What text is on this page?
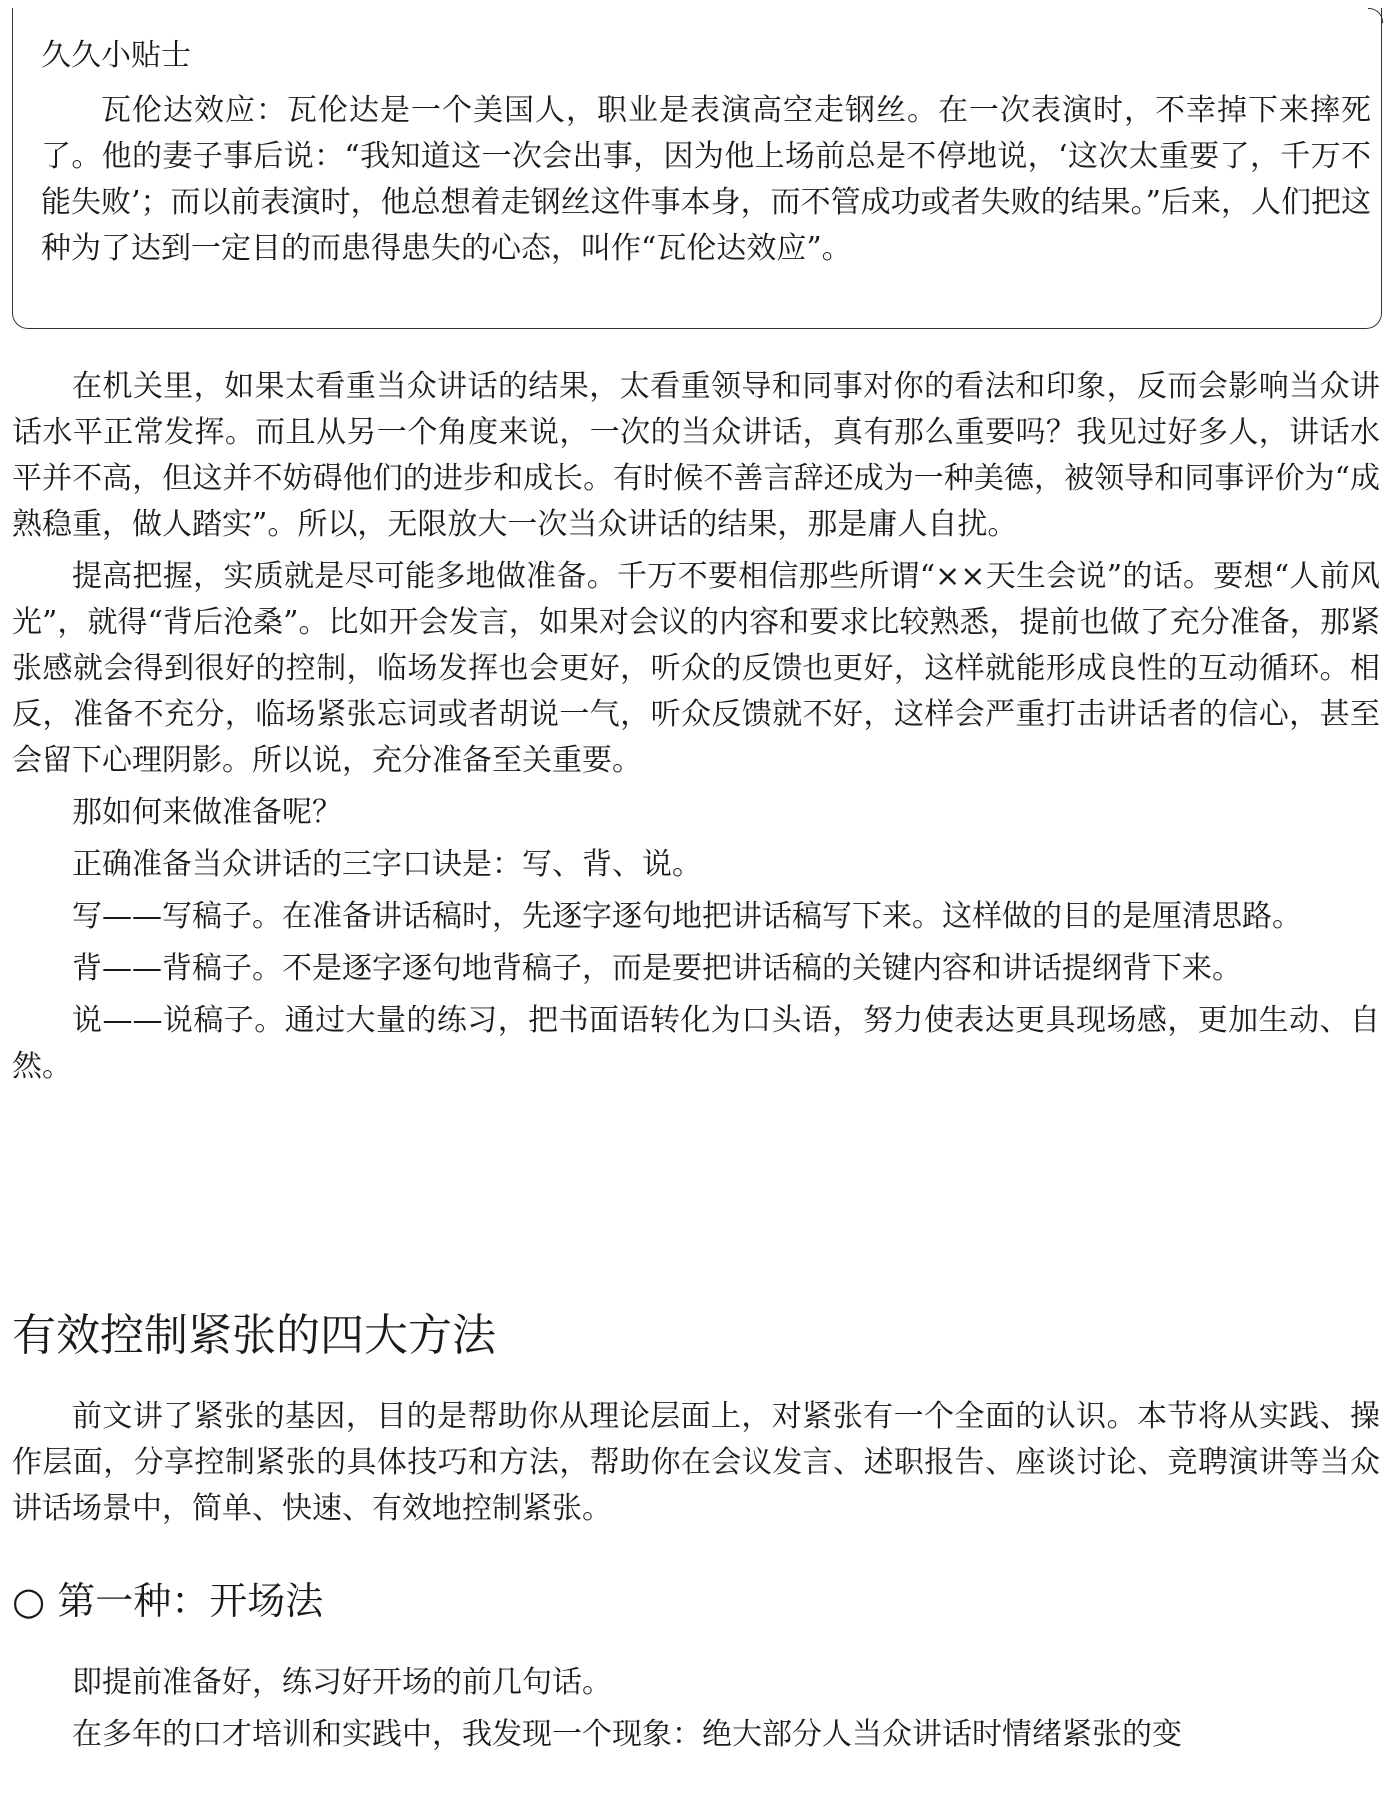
久久小贴士

瓦伦达效应：瓦伦达是一个美国人，职业是表演高空走钢丝。在一次表演时，不幸掉下来摔死了。他的妻子事后说：“我知道这一次会出事，因为他上场前总是不停地说，‘这次太重要了，千万不能失败’；而以前表演时，他总想着走钢丝这件事本身，而不管成功或者失败的结果。”后来，人们把这种为了达到一定目的而患得患失的心态，叫作“瓦伦达效应”。

在机关里，如果太看重当众讲话的结果，太看重领导和同事对你的看法和印象，反而会影响当众讲话水平正常发挥。而且从另一个角度来说，一次的当众讲话，真有那么重要吗？我见过好多人，讲话水平并不高，但这并不妨碍他们的进步和成长。有时候不善言辞还成为一种美德，被领导和同事评价为“成熟稳重，做人踏实”。所以，无限放大一次当众讲话的结果，那是庸人自扰。

提高把握，实质就是尽可能多地做准备。千万不要相信那些所谓“××天生会说”的话。要想“人前风光”，就得“背后沧桑”。比如开会发言，如果对会议的内容和要求比较熟悉，提前也做了充分准备，那紧张感就会得到很好的控制，临场发挥也会更好，听众的反馈也更好，这样就能形成良性的互动循环。相反，准备不充分，临场紧张忘词或者胡说一气，听众反馈就不好，这样会严重打击讲话者的信心，甚至会留下心理阴影。所以说，充分准备至关重要。

那如何来做准备呢？

正确准备当众讲话的三字口诀是：写、背、说。

写——写稿子。在准备讲话稿时，先逐字逐句地把讲话稿写下来。这样做的目的是厘清思路。

背——背稿子。不是逐字逐句地背稿子，而是要把讲话稿的关键内容和讲话提纲背下来。

说——说稿子。通过大量的练习，把书面语转化为口头语，努力使表达更具现场感，更加生动、自然。

有效控制紧张的四大方法

前文讲了紧张的基因，目的是帮助你从理论层面上，对紧张有一个全面的认识。本节将从实践、操作层面，分享控制紧张的具体技巧和方法，帮助你在会议发言、述职报告、座谈讨论、竞聘演讲等当众讲话场景中，简单、快速、有效地控制紧张。

○ 第一种：开场法

即提前准备好，练习好开场的前几句话。

在多年的口才培训和实践中，我发现一个现象：绝大部分人当众讲话时情绪紧张的变
